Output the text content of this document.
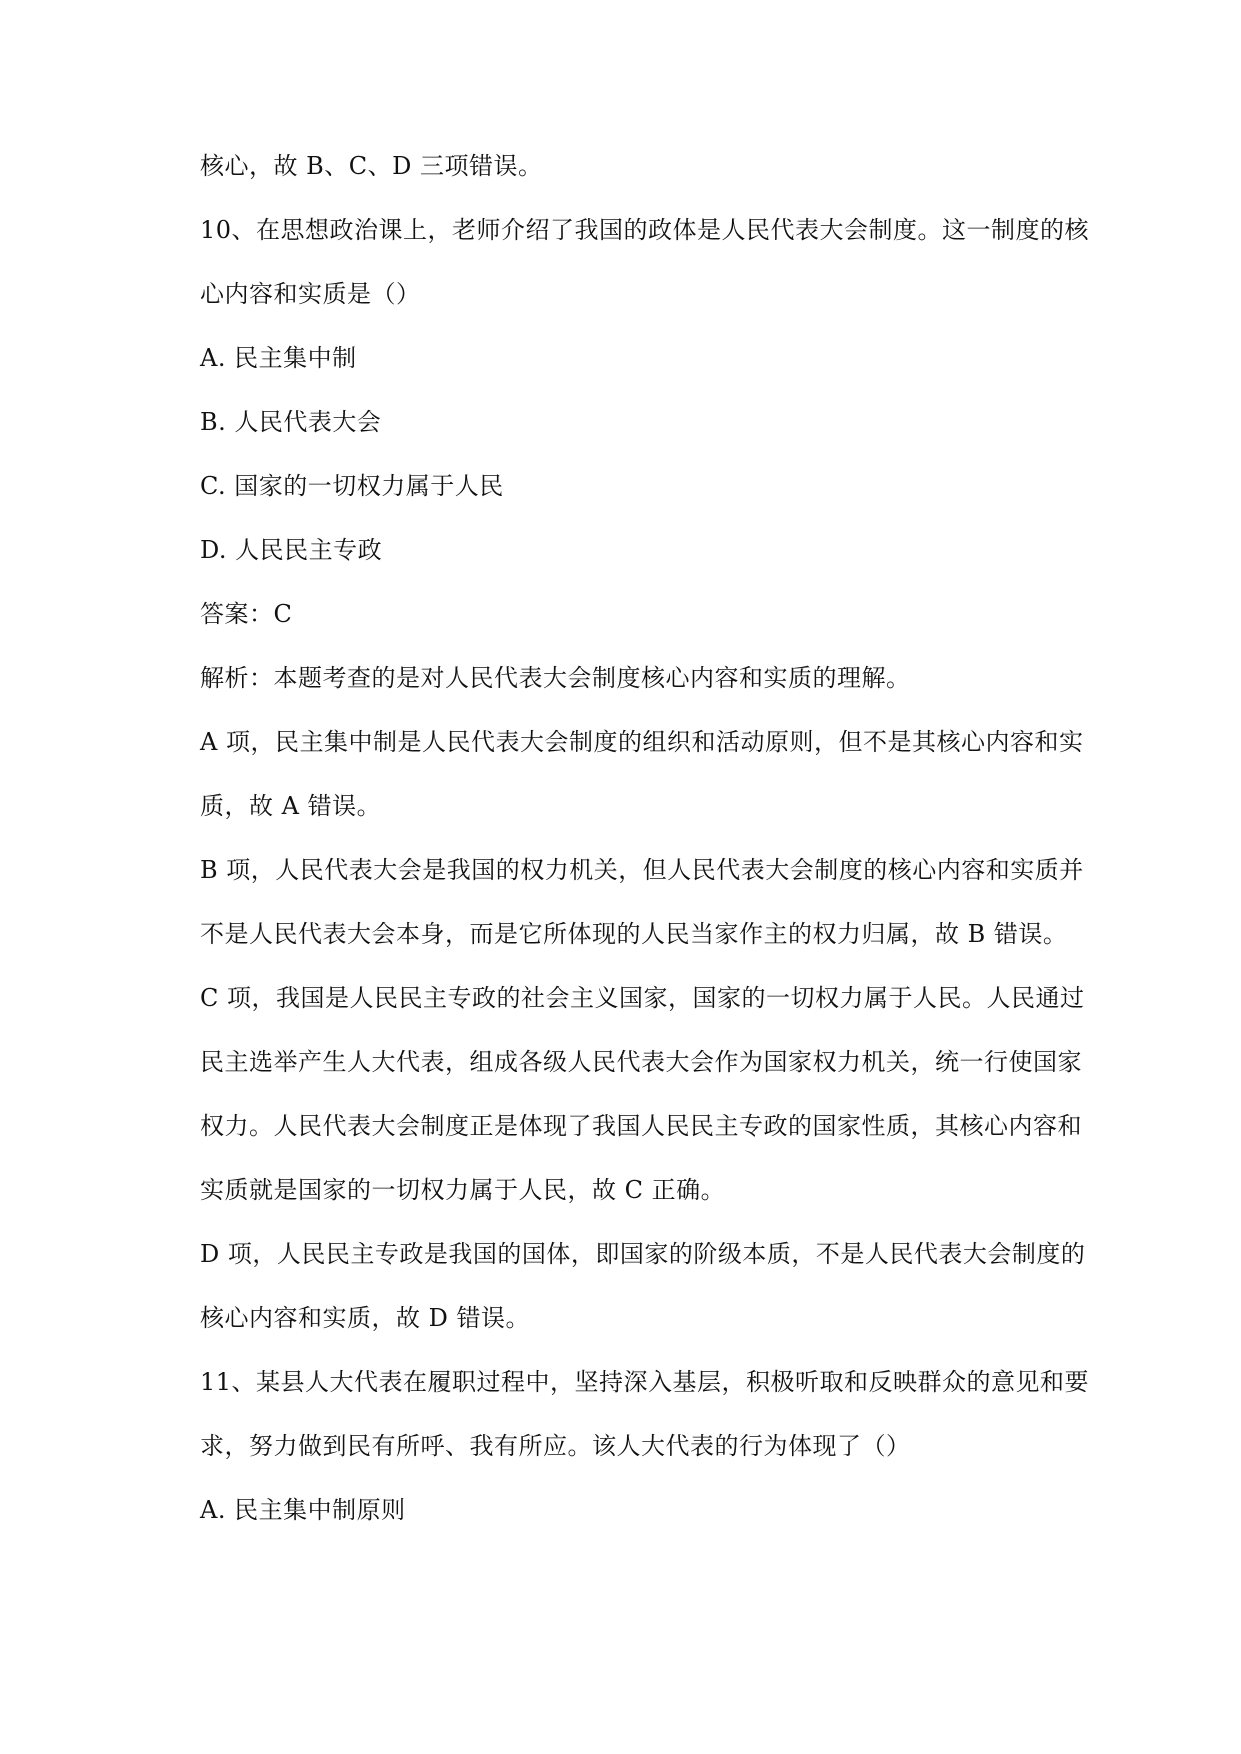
核心，故 B、C、D 三项错误。
10、在思想政治课上，老师介绍了我国的政体是人民代表大会制度。这一制度的核
心内容和实质是（）
A. 民主集中制
B. 人民代表大会
C. 国家的一切权力属于人民
D. 人民民主专政
答案：C
解析：本题考查的是对人民代表大会制度核心内容和实质的理解。
A 项，民主集中制是人民代表大会制度的组织和活动原则，但不是其核心内容和实
质，故 A 错误。
B 项，人民代表大会是我国的权力机关，但人民代表大会制度的核心内容和实质并
不是人民代表大会本身，而是它所体现的人民当家作主的权力归属，故 B 错误。
C 项，我国是人民民主专政的社会主义国家，国家的一切权力属于人民。人民通过
民主选举产生人大代表，组成各级人民代表大会作为国家权力机关，统一行使国家
权力。人民代表大会制度正是体现了我国人民民主专政的国家性质，其核心内容和
实质就是国家的一切权力属于人民，故 C 正确。
D 项，人民民主专政是我国的国体，即国家的阶级本质，不是人民代表大会制度的
核心内容和实质，故 D 错误。
11、某县人大代表在履职过程中，坚持深入基层，积极听取和反映群众的意见和要
求，努力做到民有所呼、我有所应。该人大代表的行为体现了（）
A. 民主集中制原则
